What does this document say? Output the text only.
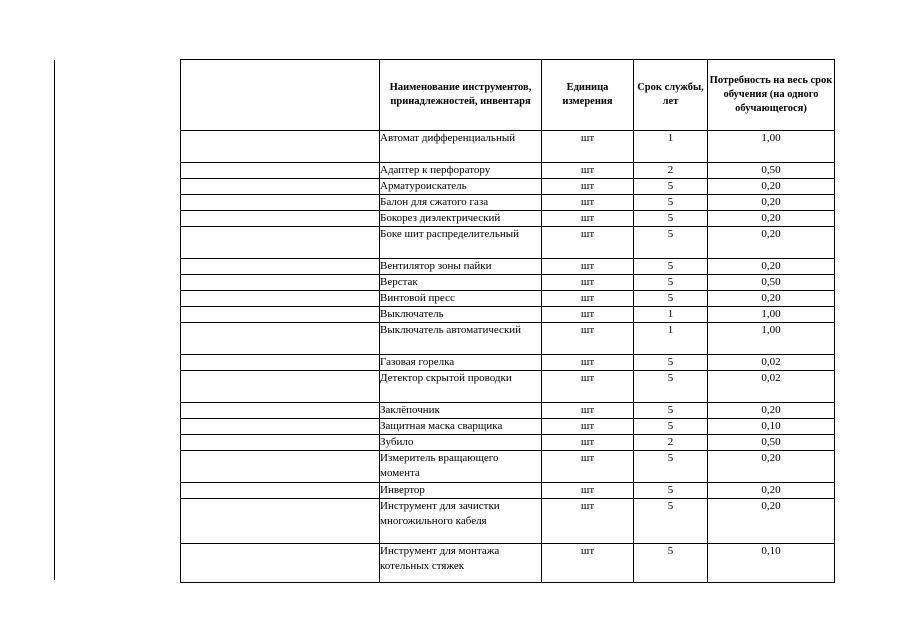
	Наименование инструментов, принадлежностей, инвентаря	Единица измерения	Срок службы, лет	Потребность на весь срок обучения (на одного обучающегося)
	Автомат дифференциальный	шт	1	1,00
	Адаптер к перфоратору	шт	2	0,50
	Арматуроискатель	шт	5	0,20
	Балон для сжатого газа	шт	5	0,20
	Бокорез диэлектрический	шт	5	0,20
	Боке шит распределительный	шт	5	0,20
	Вентилятор зоны пайки	шт	5	0,20
	Верстак	шт	5	0,50
	Винтовой пресс	шт	5	0,20
	Выключатель	шт	1	1,00
	Выключатель автоматический	шт	1	1,00
	Газовая горелка	шт	5	0,02
	Детектор скрытой проводки	шт	5	0,02
	Заклёпочник	шт	5	0,20
	Защитная маска сварщика	шт	5	0,10
	Зубило	шт	2	0,50
	Измеритель вращающего момента	шт	5	0,20
	Инвертор	шт	5	0,20
	Инструмент для зачистки многожильного кабеля	шт	5	0,20
	Инструмент для монтажа котельных стяжек	шт	5	0,10
